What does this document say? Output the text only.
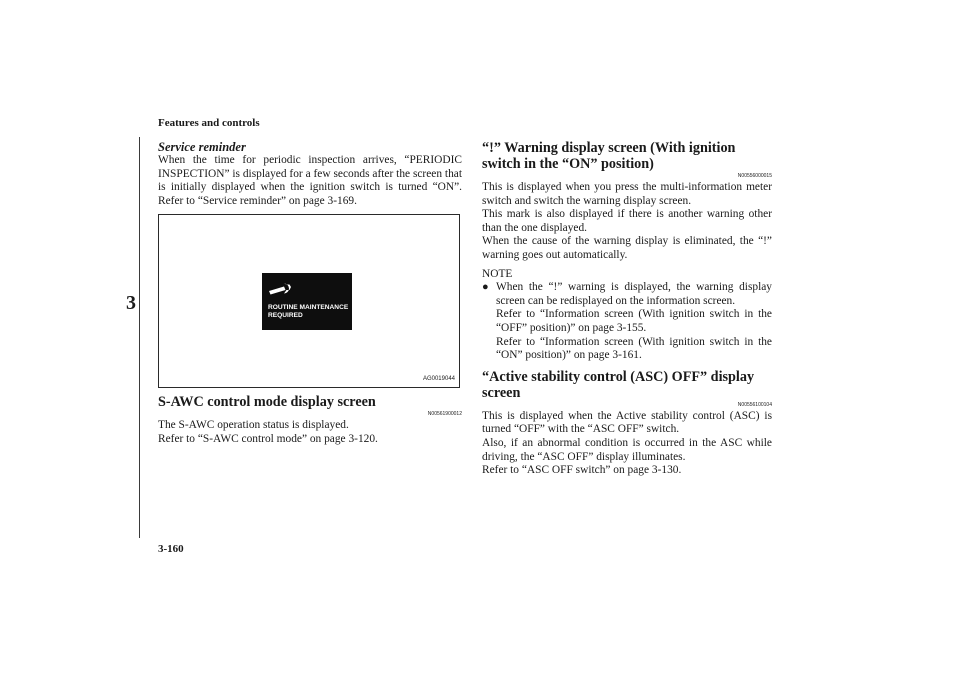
Features and controls
3
Service reminder

When the time for periodic inspection arrives, “PERIODIC INSPECTION” is displayed for a few seconds after the screen that is initially displayed when the ignition switch is turned “ON”. Refer to “Service reminder” on page 3-169.

ROUTINE MAINTENANCE
REQUIRED
AG0019044
S-AWC control mode display screen
N00561900012

The S-AWC operation status is displayed.

Refer to “S-AWC control mode” on page 3-120.

“!” Warning display screen (With ignition switch in the “ON” position)
N00556000015

This is displayed when you press the multi-information meter switch and switch the warning display screen.

This mark is also displayed if there is another warning other than the one displayed.

When the cause of the warning display is eliminated, the “!” warning goes out automatically.

NOTE
● When the “!” warning is displayed, the warning display screen can be redisplayed on the information screen.

Refer to “Information screen (With ignition switch in the “OFF” position)” on page 3-155.

Refer to “Information screen (With ignition switch in the “ON” position)” on page 3-161.

“Active stability control (ASC) OFF” display screen
N00556100104

This is displayed when the Active stability control (ASC) is turned “OFF” with the “ASC OFF” switch.

Also, if an abnormal condition is occurred in the ASC while driving, the “ASC OFF” display illuminates.

Refer to “ASC OFF switch” on page 3-130.

3-160
